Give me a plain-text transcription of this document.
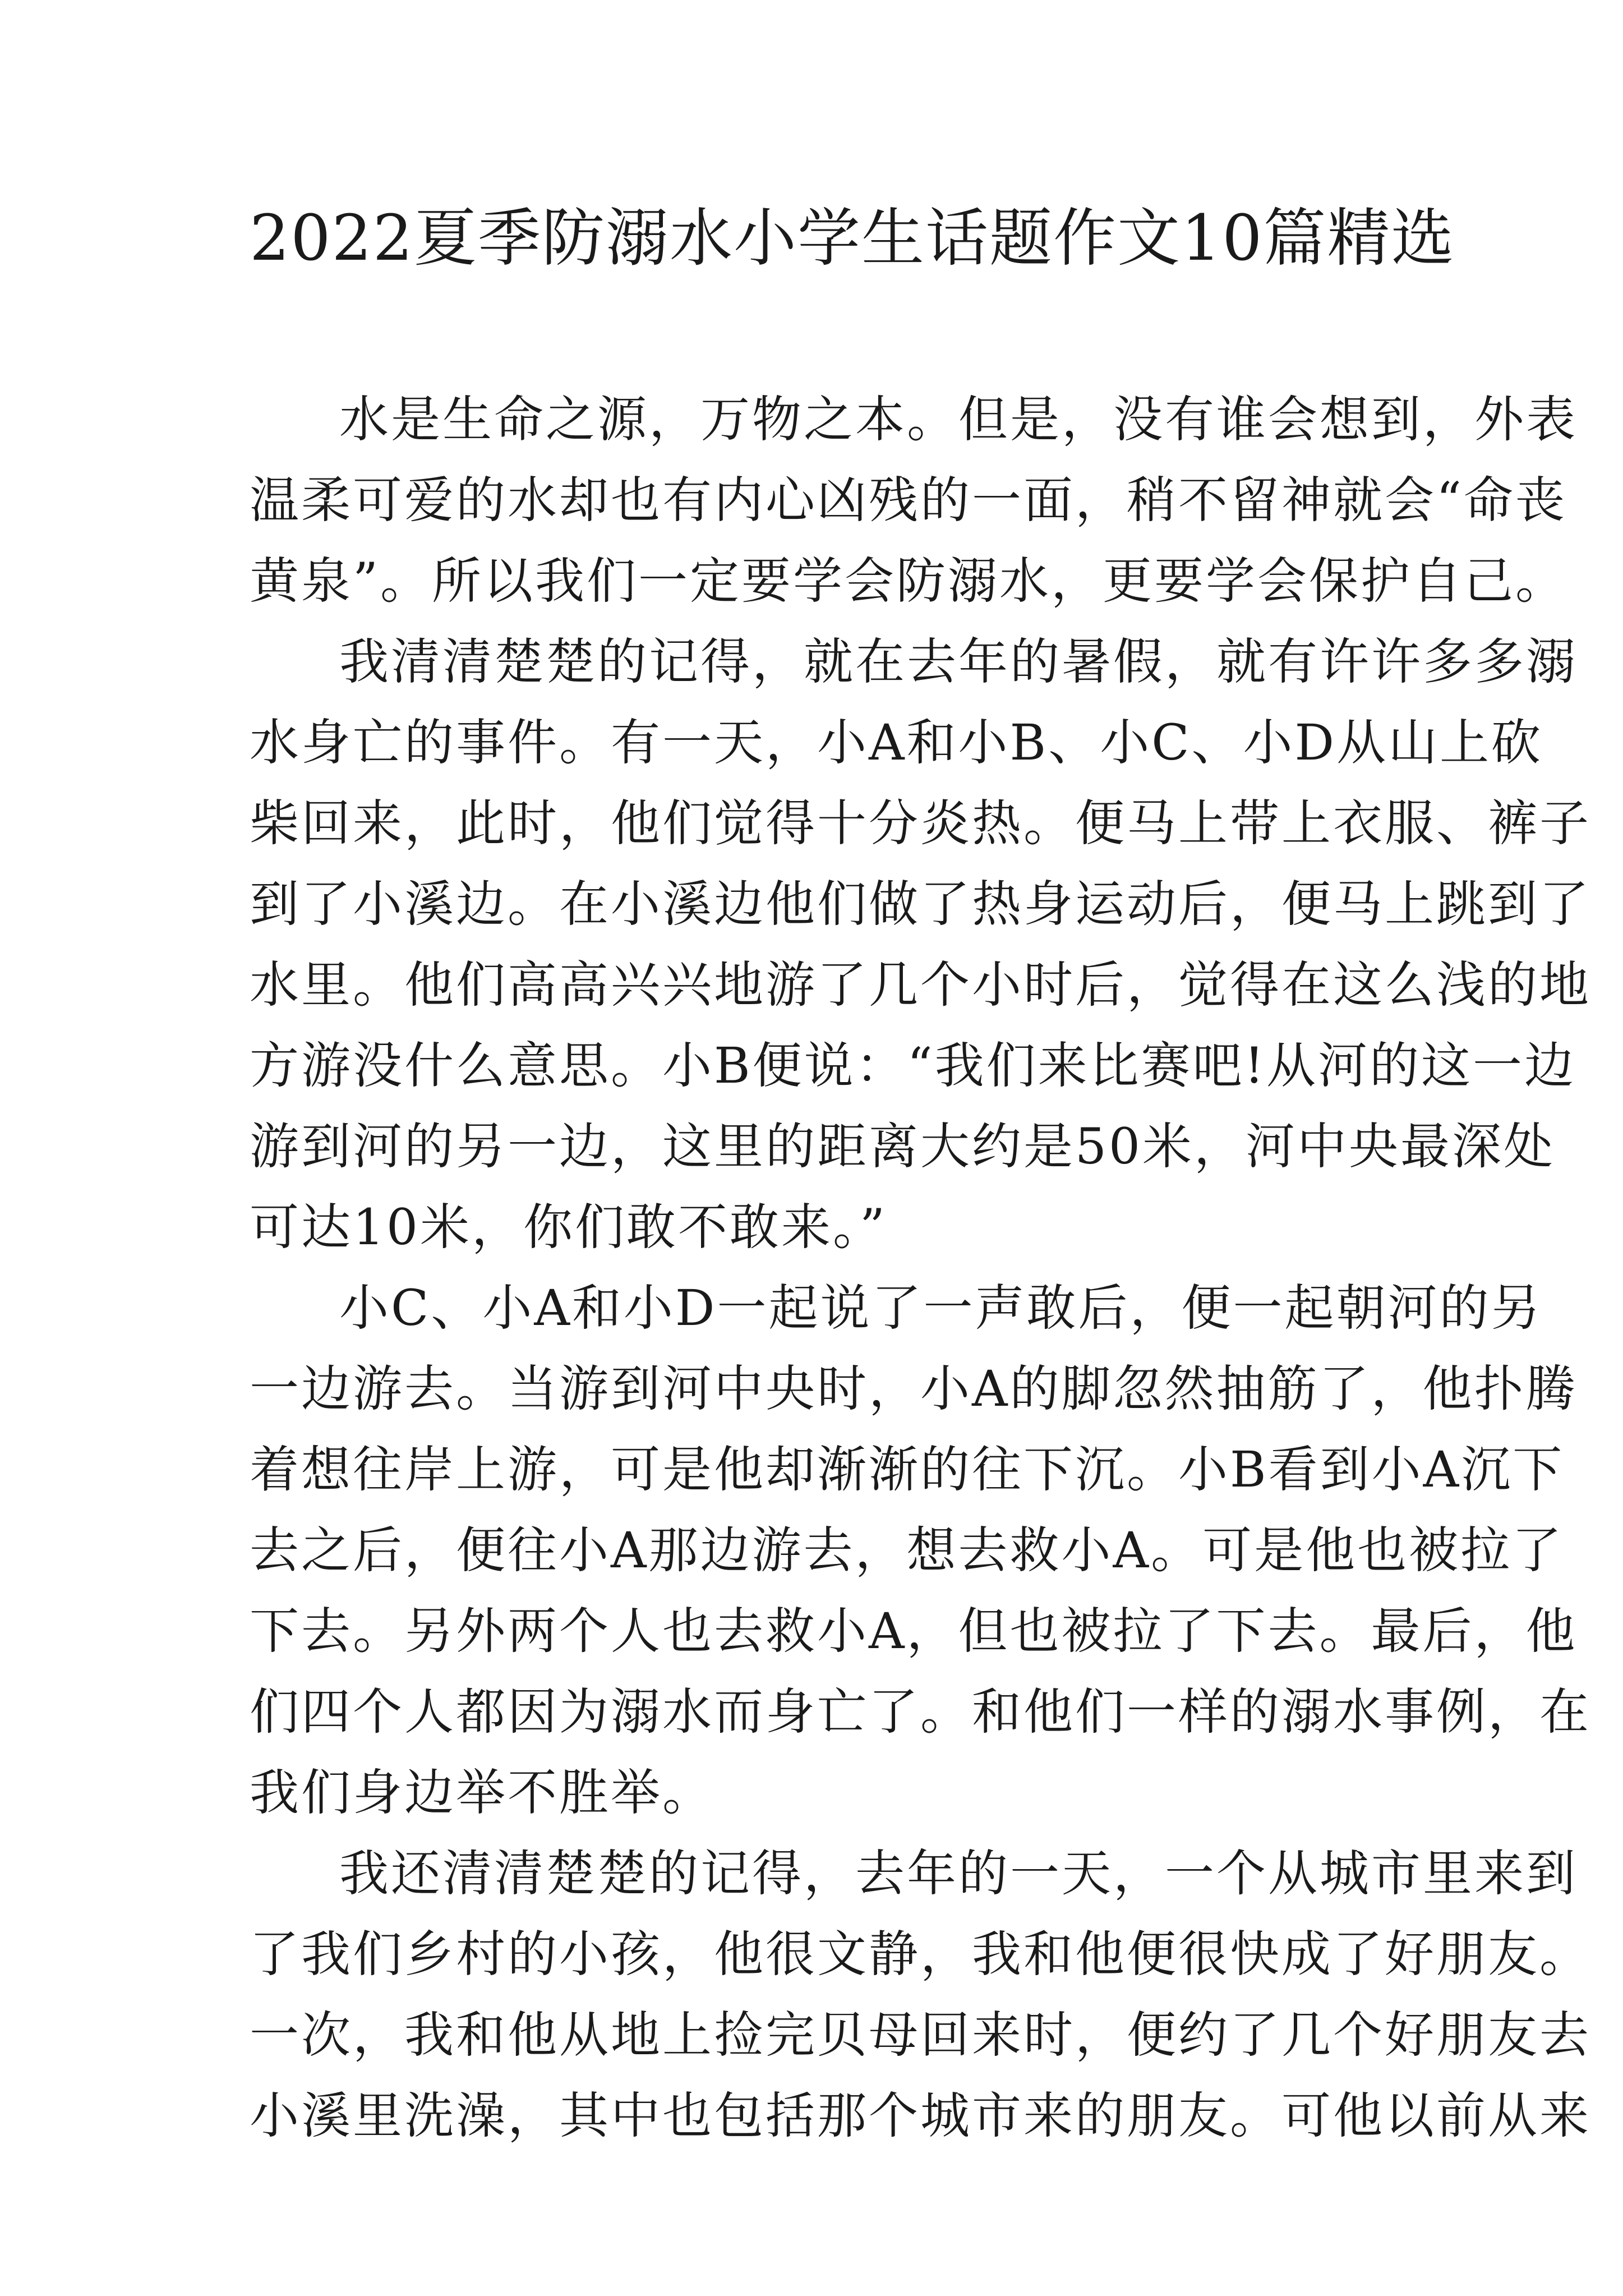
2022夏季防溺水小学生话题作文10篇精选
水是生命之源，万物之本。但是，没有谁会想到，外表
温柔可爱的水却也有内心凶残的一面，稍不留神就会“命丧
黄泉”。所以我们一定要学会防溺水，更要学会保护自己。
我清清楚楚的记得，就在去年的暑假，就有许许多多溺
水身亡的事件。有一天，小A和小B、小C、小D从山上砍
柴回来，此时，他们觉得十分炎热。便马上带上衣服、裤子
到了小溪边。在小溪边他们做了热身运动后，便马上跳到了
水里。他们高高兴兴地游了几个小时后，觉得在这么浅的地
方游没什么意思。小B便说：“我们来比赛吧!从河的这一边
游到河的另一边，这里的距离大约是50米，河中央最深处
可达10米，你们敢不敢来。”
小C、小A和小D一起说了一声敢后，便一起朝河的另
一边游去。当游到河中央时，小A的脚忽然抽筋了，他扑腾
着想往岸上游，可是他却渐渐的往下沉。小B看到小A沉下
去之后，便往小A那边游去，想去救小A。可是他也被拉了
下去。另外两个人也去救小A，但也被拉了下去。最后，他
们四个人都因为溺水而身亡了。和他们一样的溺水事例，在
我们身边举不胜举。
我还清清楚楚的记得，去年的一天，一个从城市里来到
了我们乡村的小孩，他很文静，我和他便很快成了好朋友。
一次，我和他从地上捡完贝母回来时，便约了几个好朋友去
小溪里洗澡，其中也包括那个城市来的朋友。可他以前从来
